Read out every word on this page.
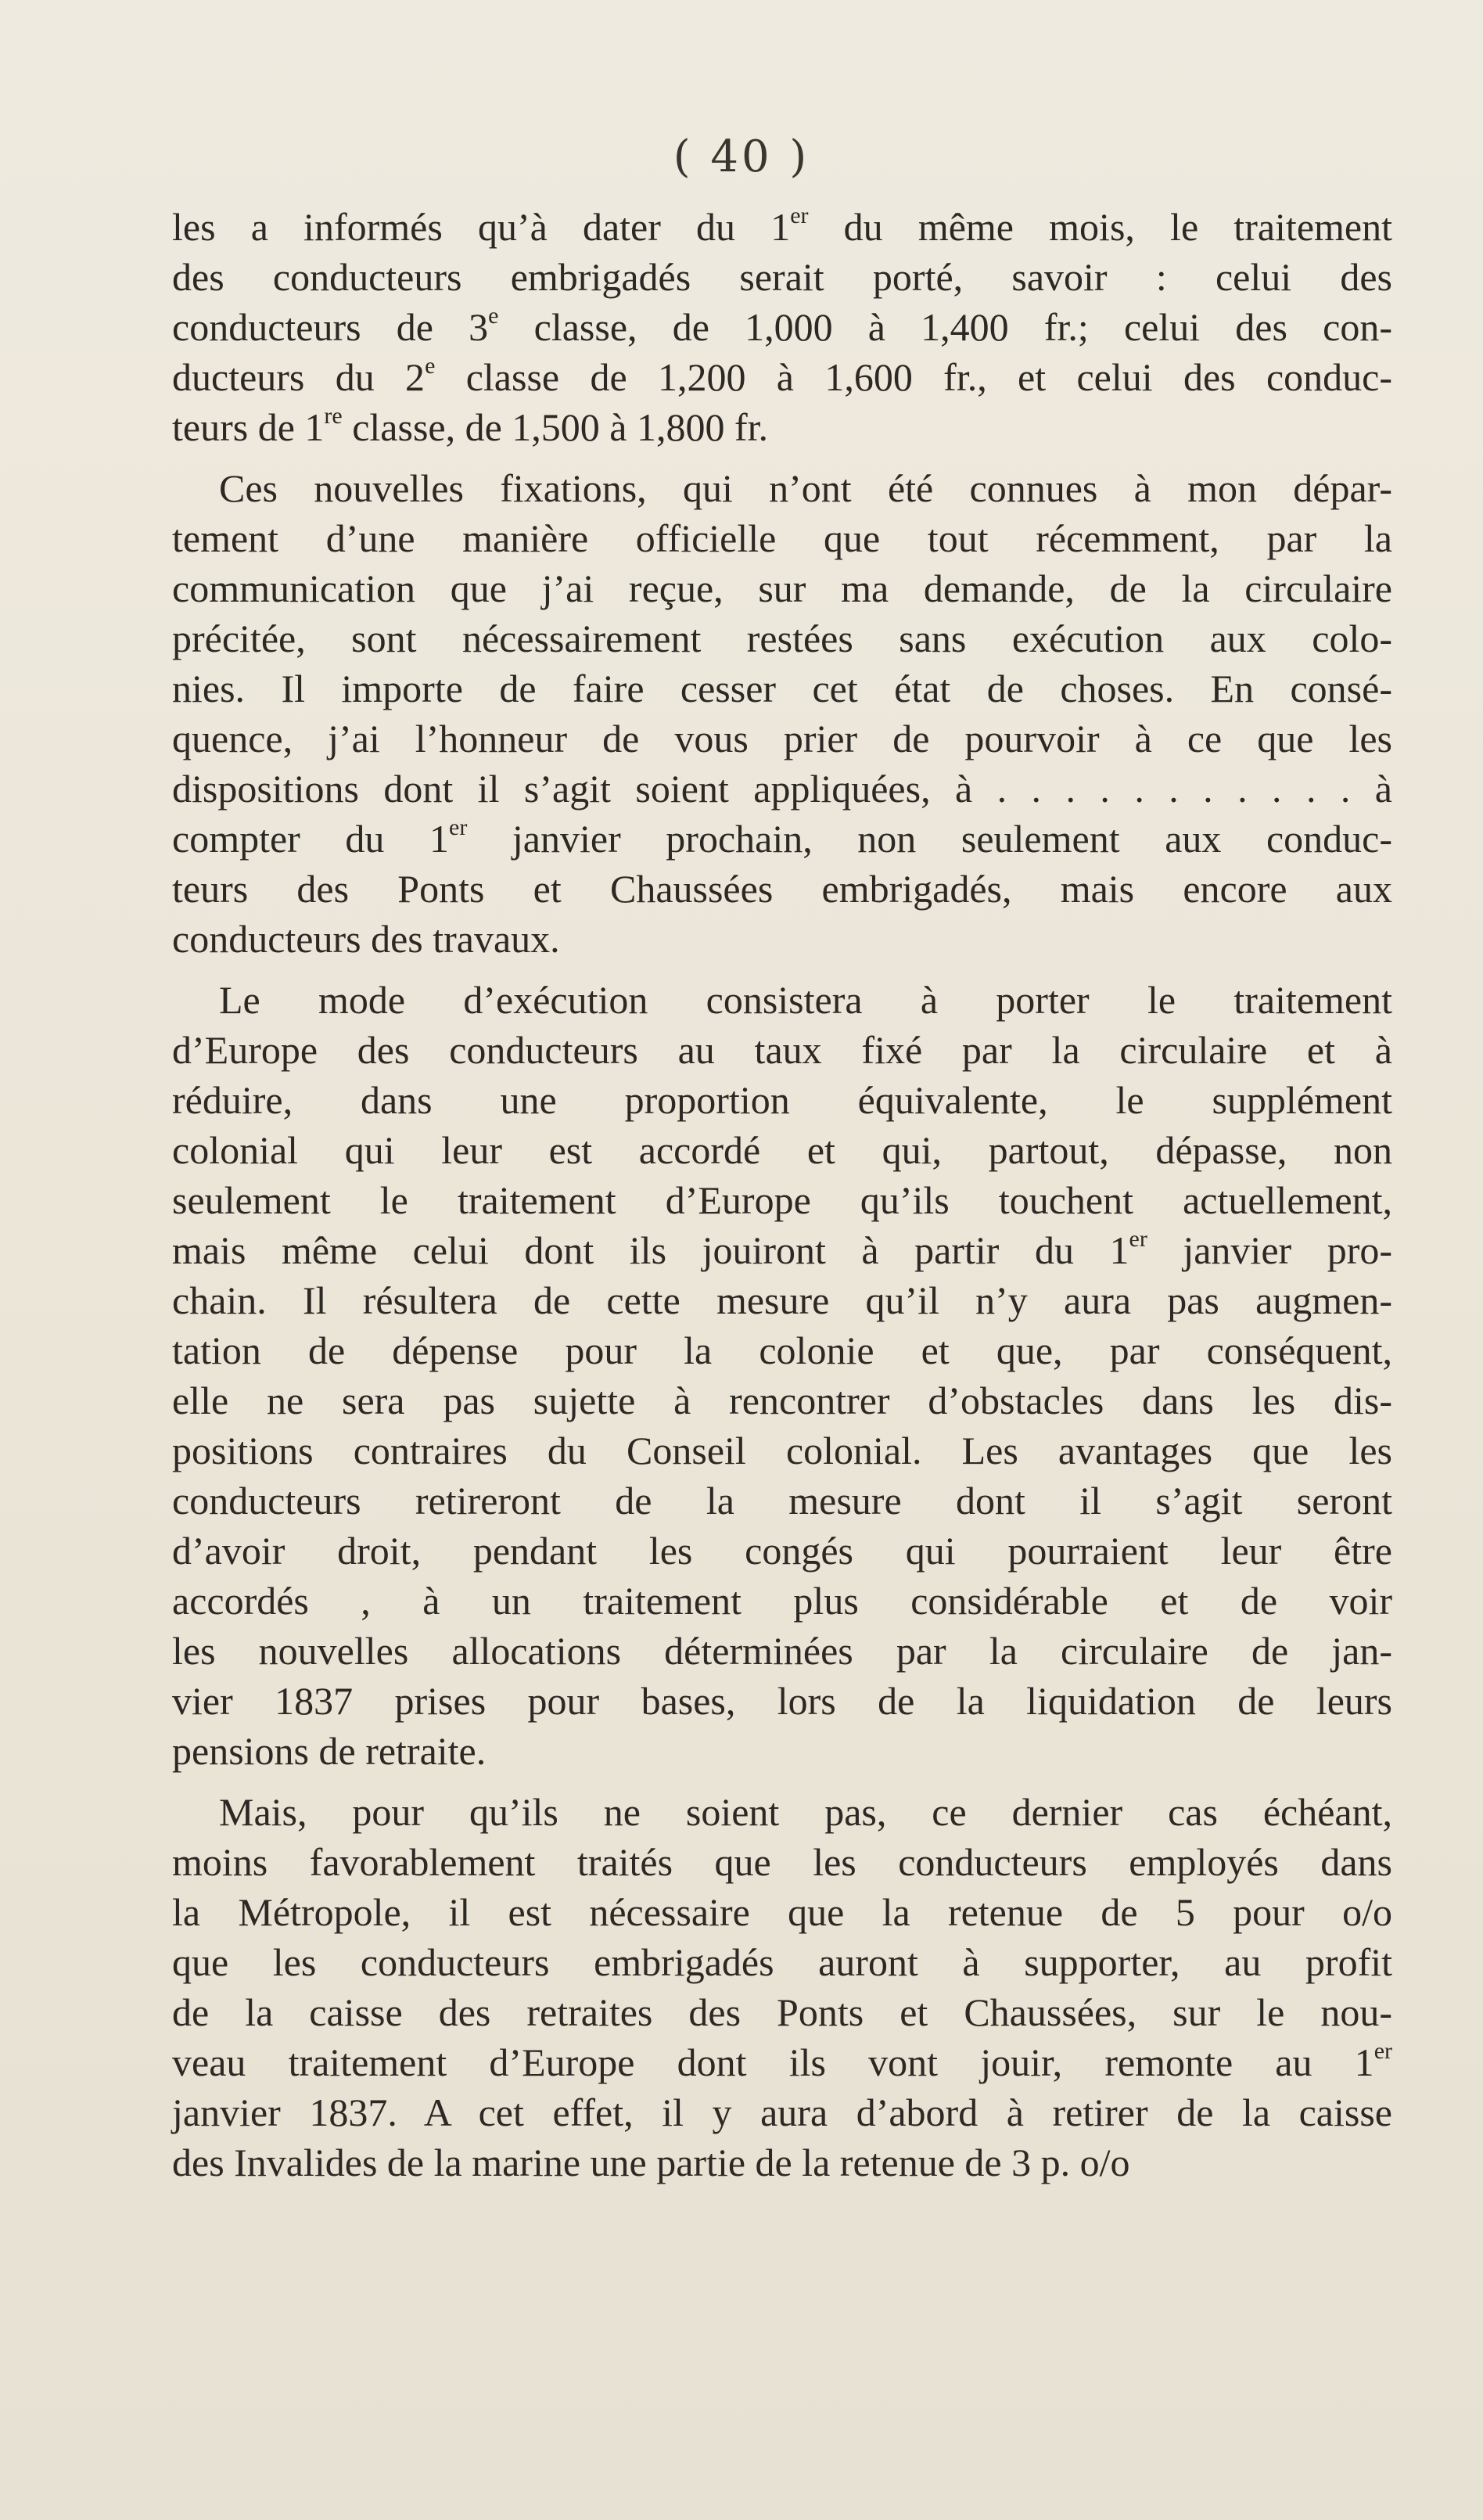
( 40 )
les a informés qu’à dater du 1er du même mois, le traitement
des conducteurs embrigadés serait porté, savoir : celui des
conducteurs de 3e classe, de 1,000 à 1,400 fr.; celui des con-
ducteurs du 2e classe de 1,200 à 1,600 fr., et celui des conduc-
teurs de 1re classe, de 1,500 à 1,800 fr.
Ces nouvelles fixations, qui n’ont été connues à mon dépar-
tement d’une manière officielle que tout récemment, par la
communication que j’ai reçue, sur ma demande, de la circulaire
précitée, sont nécessairement restées sans exécution aux colo-
nies. Il importe de faire cesser cet état de choses. En consé-
quence, j’ai l’honneur de vous prier de pourvoir à ce que les
dispositions dont il s’agit soient appliquées, à . . . . . . . . . . . à
compter du 1er janvier prochain, non seulement aux conduc-
teurs des Ponts et Chaussées embrigadés, mais encore aux
conducteurs des travaux.
Le mode d’exécution consistera à porter le traitement
d’Europe des conducteurs au taux fixé par la circulaire et à
réduire, dans une proportion équivalente, le supplément
colonial qui leur est accordé et qui, partout, dépasse, non
seulement le traitement d’Europe qu’ils touchent actuellement,
mais même celui dont ils jouiront à partir du 1er janvier pro-
chain. Il résultera de cette mesure qu’il n’y aura pas augmen-
tation de dépense pour la colonie et que, par conséquent,
elle ne sera pas sujette à rencontrer d’obstacles dans les dis-
positions contraires du Conseil colonial. Les avantages que les
conducteurs retireront de la mesure dont il s’agit seront
d’avoir droit, pendant les congés qui pourraient leur être
accordés , à un traitement plus considérable et de voir
les nouvelles allocations déterminées par la circulaire de jan-
vier 1837 prises pour bases, lors de la liquidation de leurs
pensions de retraite.
Mais, pour qu’ils ne soient pas, ce dernier cas échéant,
moins favorablement traités que les conducteurs employés dans
la Métropole, il est nécessaire que la retenue de 5 pour o/o
que les conducteurs embrigadés auront à supporter, au profit
de la caisse des retraites des Ponts et Chaussées, sur le nou-
veau traitement d’Europe dont ils vont jouir, remonte au 1er
janvier 1837. A cet effet, il y aura d’abord à retirer de la caisse
des Invalides de la marine une partie de la retenue de 3 p. o/o
